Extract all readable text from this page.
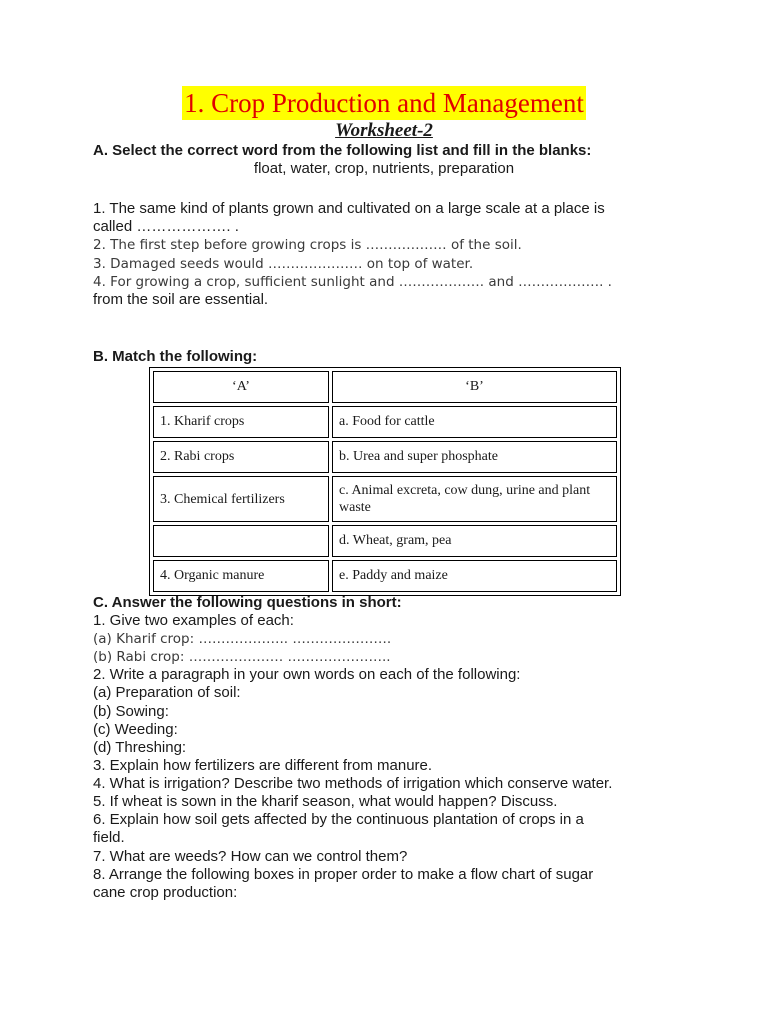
1. Crop Production and Management
Worksheet-2
A. Select the correct word from the following list and fill in the blanks:
float, water, crop, nutrients, preparation
1. The same kind of plants grown and cultivated on a large scale at a place is
called ………………. .
2. The first step before growing crops is ……………… of the soil.
3. Damaged seeds would ………………… on top of water.
4. For growing a crop, sufficient sunlight and ………………. and ………………. .
from the soil are essential.
B. Match the following:
‘A’	‘B’
1. Kharif crops	a. Food for cattle
2. Rabi crops	b. Urea and super phosphate
3. Chemical fertilizers	c. Animal excreta, cow dung, urine and plant waste
	d. Wheat, gram, pea
4. Organic manure	e. Paddy and maize
C. Answer the following questions in short:
1. Give two examples of each:
(a) Kharif crop: ……………….. ………………….
(b) Rabi crop: ………………… …………………..
2. Write a paragraph in your own words on each of the following:
(a) Preparation of soil:
(b) Sowing:
(c) Weeding:
(d) Threshing:
3. Explain how fertilizers are different from manure.
4. What is irrigation? Describe two methods of irrigation which conserve water.
5. If wheat is sown in the kharif season, what would happen? Discuss.
6. Explain how soil gets affected by the continuous plantation of crops in a
field.
7. What are weeds? How can we control them?
8. Arrange the following boxes in proper order to make a flow chart of sugar
cane crop production:
